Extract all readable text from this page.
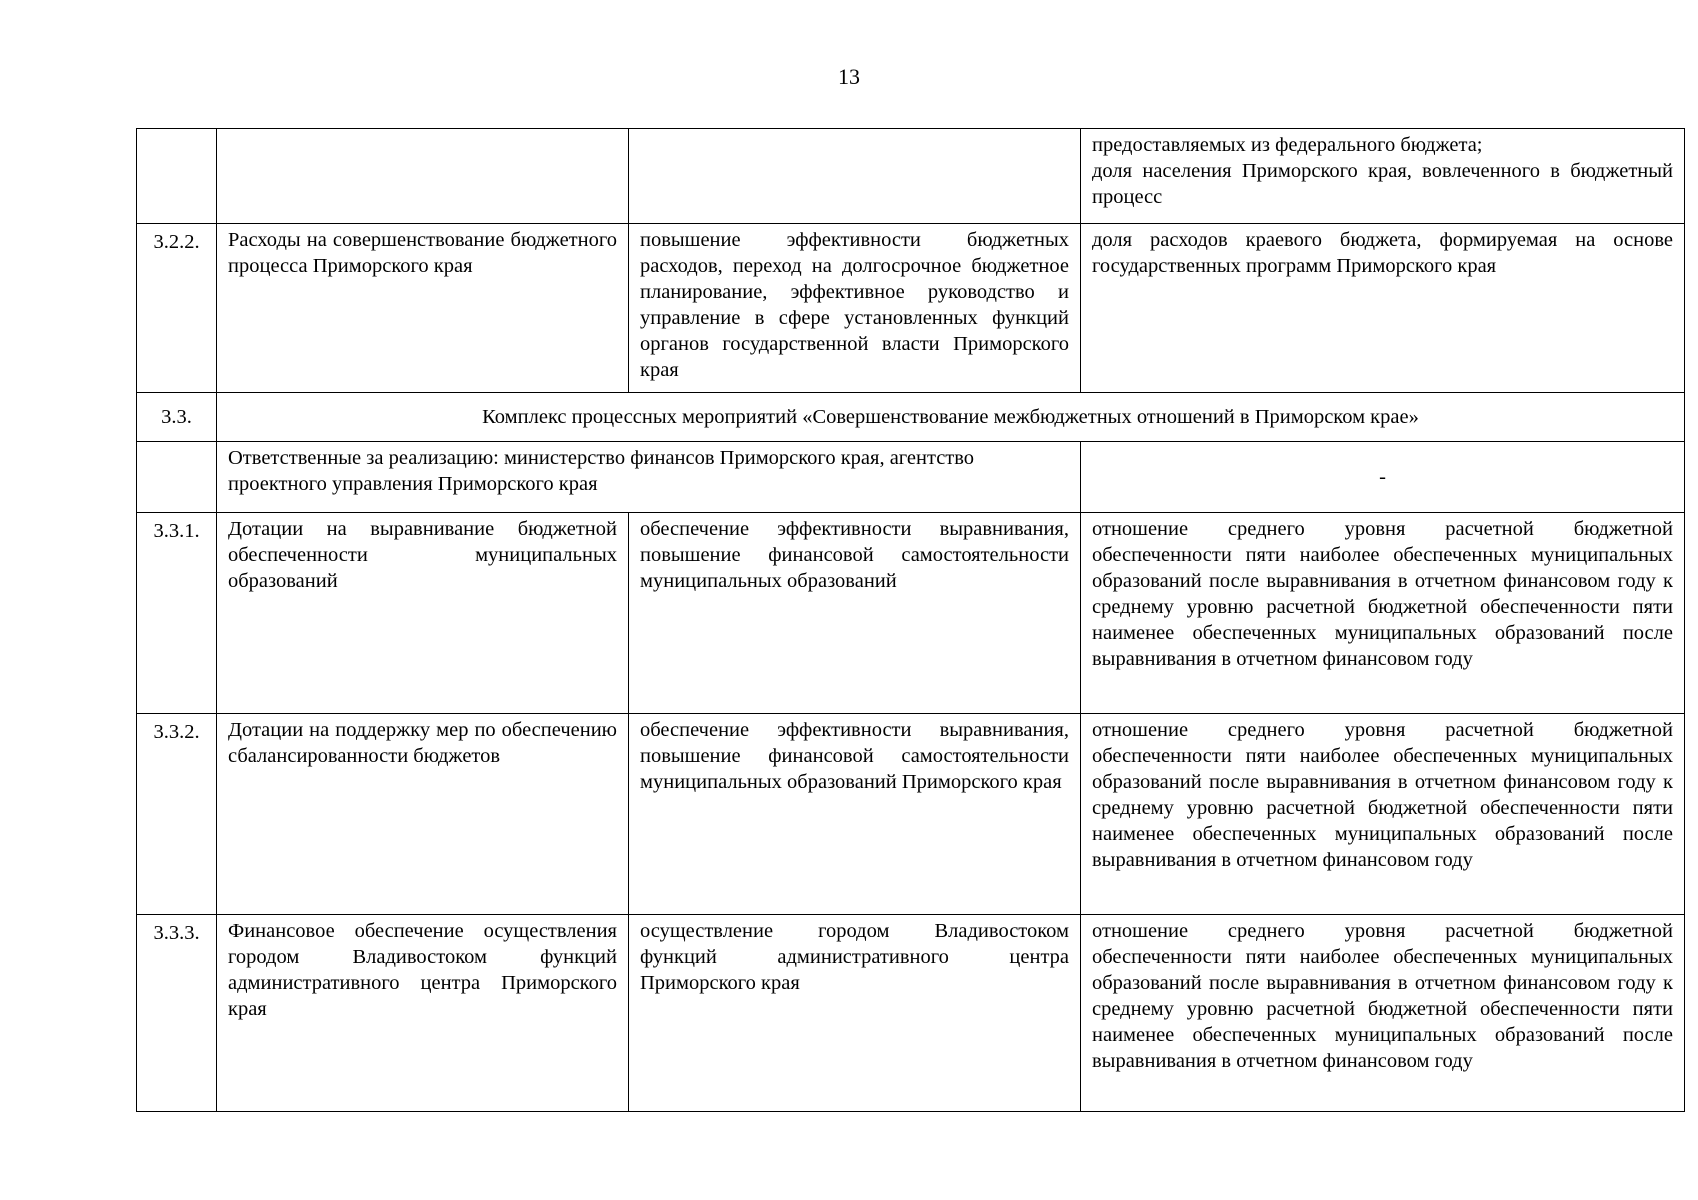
13
			предоставляемых из федерального бюджета;
доля населения Приморского края, вовлеченного в бюджетный процесс
3.2.2.	Расходы на совершенствование бюджетного процесса Приморского края	повышение эффективности бюджетных расходов, переход на долгосрочное бюджетное планирование, эффективное руководство и управление в сфере установленных функций органов государственной власти Приморского края	доля расходов краевого бюджета, формируемая на основе государственных программ Приморского края
3.3.	Комплекс процессных мероприятий «Совершенствование межбюджетных отношений в Приморском крае»		
	Ответственные за реализацию: министерство финансов Приморского края, агентство проектного управления Приморского края		-
3.3.1.	Дотации на выравнивание бюджетной обеспеченности муниципальных образований	обеспечение эффективности выравнивания, повышение финансовой самостоятельности муниципальных образований	отношение среднего уровня расчетной бюджетной обеспеченности пяти наиболее обеспеченных муниципальных образований после выравнивания в отчетном финансовом году к среднему уровню расчетной бюджетной обеспеченности пяти наименее обеспеченных муниципальных образований после выравнивания в отчетном финансовом году
3.3.2.	Дотации на поддержку мер по обеспечению сбалансированности бюджетов	обеспечение эффективности выравнивания, повышение финансовой самостоятельности муниципальных образований Приморского края	отношение среднего уровня расчетной бюджетной обеспеченности пяти наиболее обеспеченных муниципальных образований после выравнивания в отчетном финансовом году к среднему уровню расчетной бюджетной обеспеченности пяти наименее обеспеченных муниципальных образований после выравнивания в отчетном финансовом году
3.3.3.	Финансовое обеспечение осуществления городом Владивостоком функций административного центра Приморского края	осуществление городом Владивостоком функций административного центра Приморского края	отношение среднего уровня расчетной бюджетной обеспеченности пяти наиболее обеспеченных муниципальных образований после выравнивания в отчетном финансовом году к среднему уровню расчетной бюджетной обеспеченности пяти наименее обеспеченных муниципальных образований после выравнивания в отчетном финансовом году
